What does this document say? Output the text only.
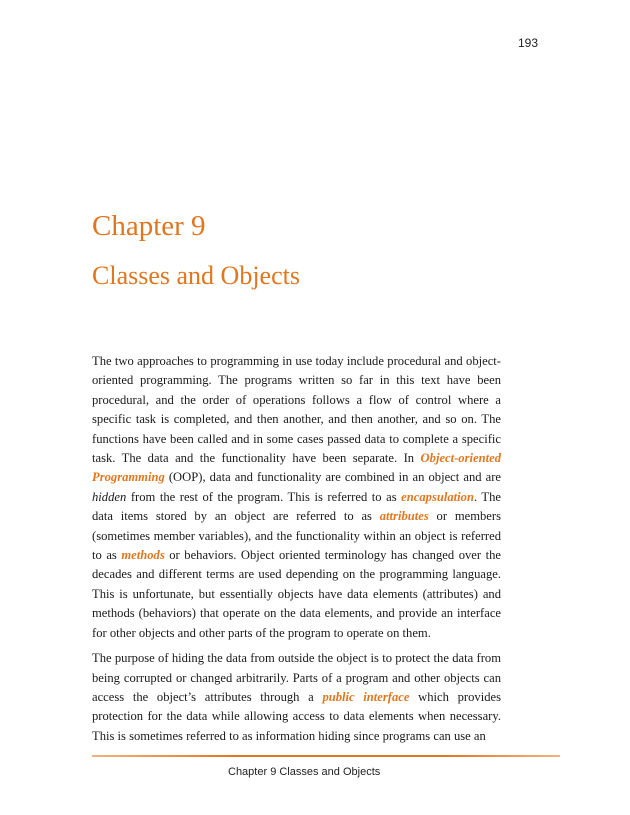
193
Chapter 9
Classes and Objects

The two approaches to programming in use today include procedural and object-oriented programming. The programs written so far in this text have been procedural, and the order of operations follows a flow of control where a specific task is completed, and then another, and then another, and so on. The functions have been called and in some cases passed data to complete a specific task. The data and the functionality have been separate. In Object-oriented Programming (OOP), data and functionality are combined in an object and are hidden from the rest of the program. This is referred to as encapsulation. The data items stored by an object are referred to as attributes or members (sometimes member variables), and the functionality within an object is referred to as methods or behaviors. Object oriented terminology has changed over the decades and different terms are used depending on the programming language. This is unfortunate, but essentially objects have data elements (attributes) and methods (behaviors) that operate on the data elements, and provide an interface for other objects and other parts of the program to operate on them.

The purpose of hiding the data from outside the object is to protect the data from being corrupted or changed arbitrarily. Parts of a program and other objects can access the object’s attributes through a public interface which provides protection for the data while allowing access to data elements when necessary. This is sometimes referred to as information hiding since programs can use an

Chapter 9 Classes and Objects
